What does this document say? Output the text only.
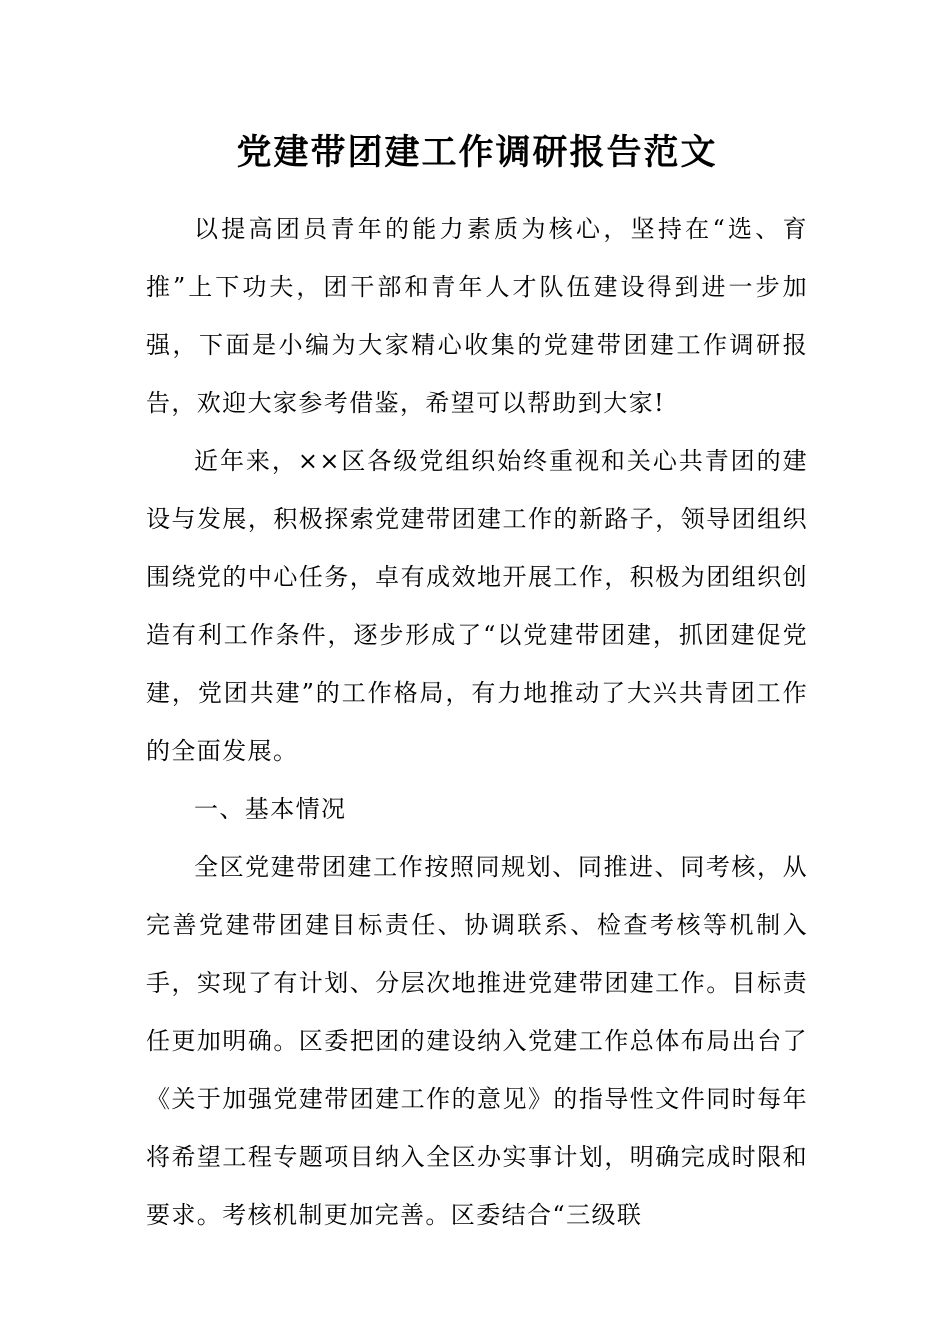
党建带团建工作调研报告范文

以提高团员青年的能力素质为核心，坚持在“选、育推”上下功夫，团干部和青年人才队伍建设得到进一步加强，下面是小编为大家精心收集的党建带团建工作调研报告，欢迎大家参考借鉴，希望可以帮助到大家!

近年来，××区各级党组织始终重视和关心共青团的建设与发展，积极探索党建带团建工作的新路子，领导团组织围绕党的中心任务，卓有成效地开展工作，积极为团组织创造有利工作条件，逐步形成了“以党建带团建，抓团建促党建，党团共建”的工作格局，有力地推动了大兴共青团工作的全面发展。

一、基本情况

全区党建带团建工作按照同规划、同推进、同考核，从完善党建带团建目标责任、协调联系、检查考核等机制入手，实现了有计划、分层次地推进党建带团建工作。目标责任更加明确。区委把团的建设纳入党建工作总体布局出台了《关于加强党建带团建工作的意见》的指导性文件同时每年将希望工程专题项目纳入全区办实事计划，明确完成时限和要求。考核机制更加完善。区委结合“三级联
